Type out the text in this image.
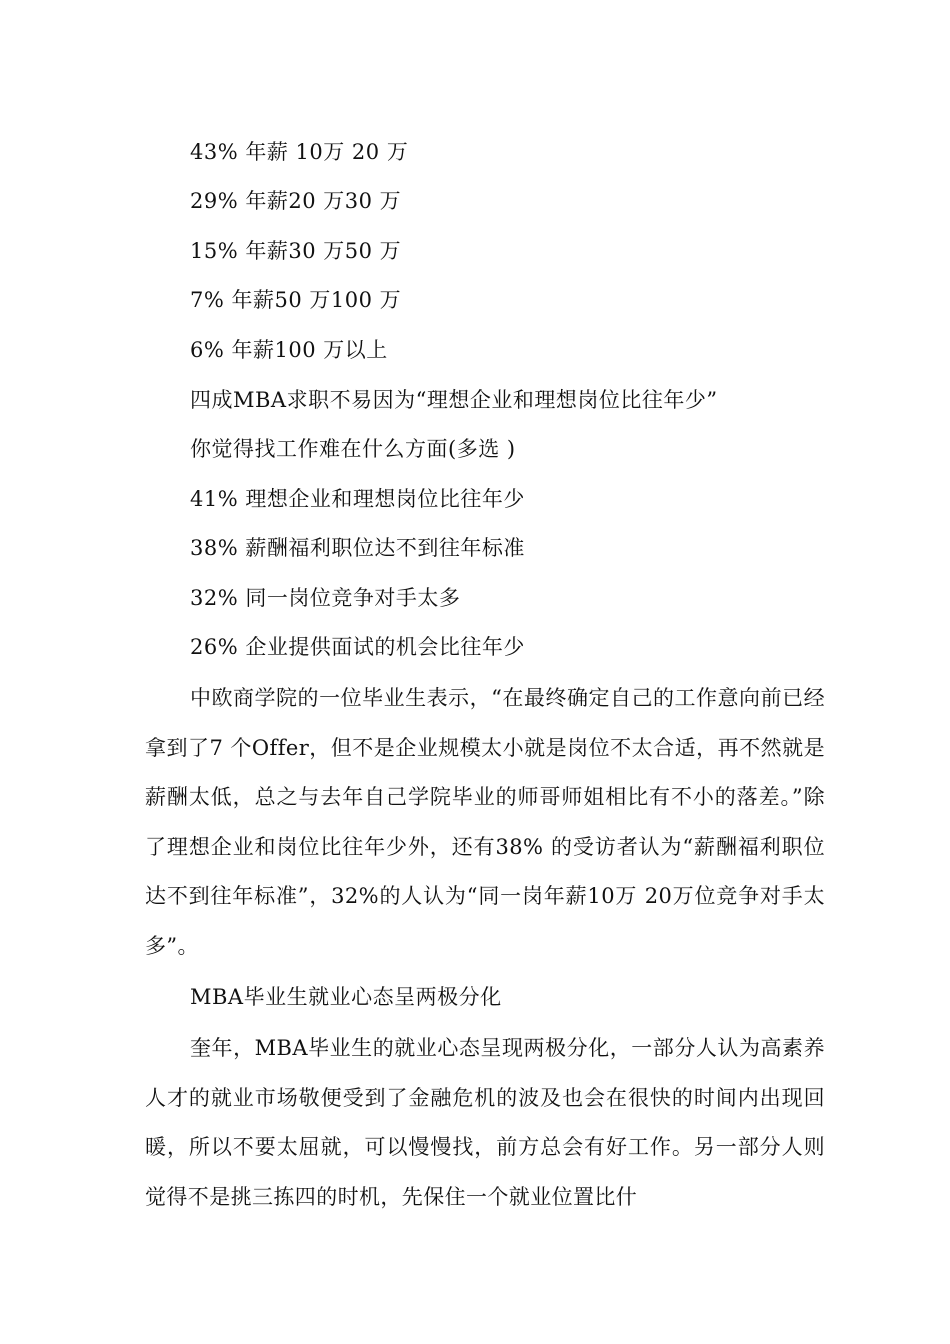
43% 年薪 10万 20 万
29% 年薪20 万30 万
15% 年薪30 万50 万
7% 年薪50 万100 万
6% 年薪100 万以上
四成MBA求职不易因为“理想企业和理想岗位比往年少”
你觉得找工作难在什么方面(多选 )
41% 理想企业和理想岗位比往年少
38% 薪酬福利职位达不到往年标准
32% 同一岗位竞争对手太多
26% 企业提供面试的机会比往年少
中欧商学院的一位毕业生表示，“在最终确定自己的工作意向前已经拿到了7 个Offer，但不是企业规模太小就是岗位不太合适，再不然就是薪酬太低，总之与去年自己学院毕业的师哥师姐相比有不小的落差。”除了理想企业和岗位比往年少外，还有38% 的受访者认为“薪酬福利职位达不到往年标准”，32%的人认为“同一岗年薪10万 20万位竞争对手太多”。
MBA毕业生就业心态呈两极分化
奎年，MBA毕业生的就业心态呈现两极分化，一部分人认为高素养人才的就业市场敬便受到了金融危机的波及也会在很快的时间内出现回暖，所以不要太屈就，可以慢慢找，前方总会有好工作。另一部分人则觉得不是挑三拣四的时机，先保住一个就业位置比什
